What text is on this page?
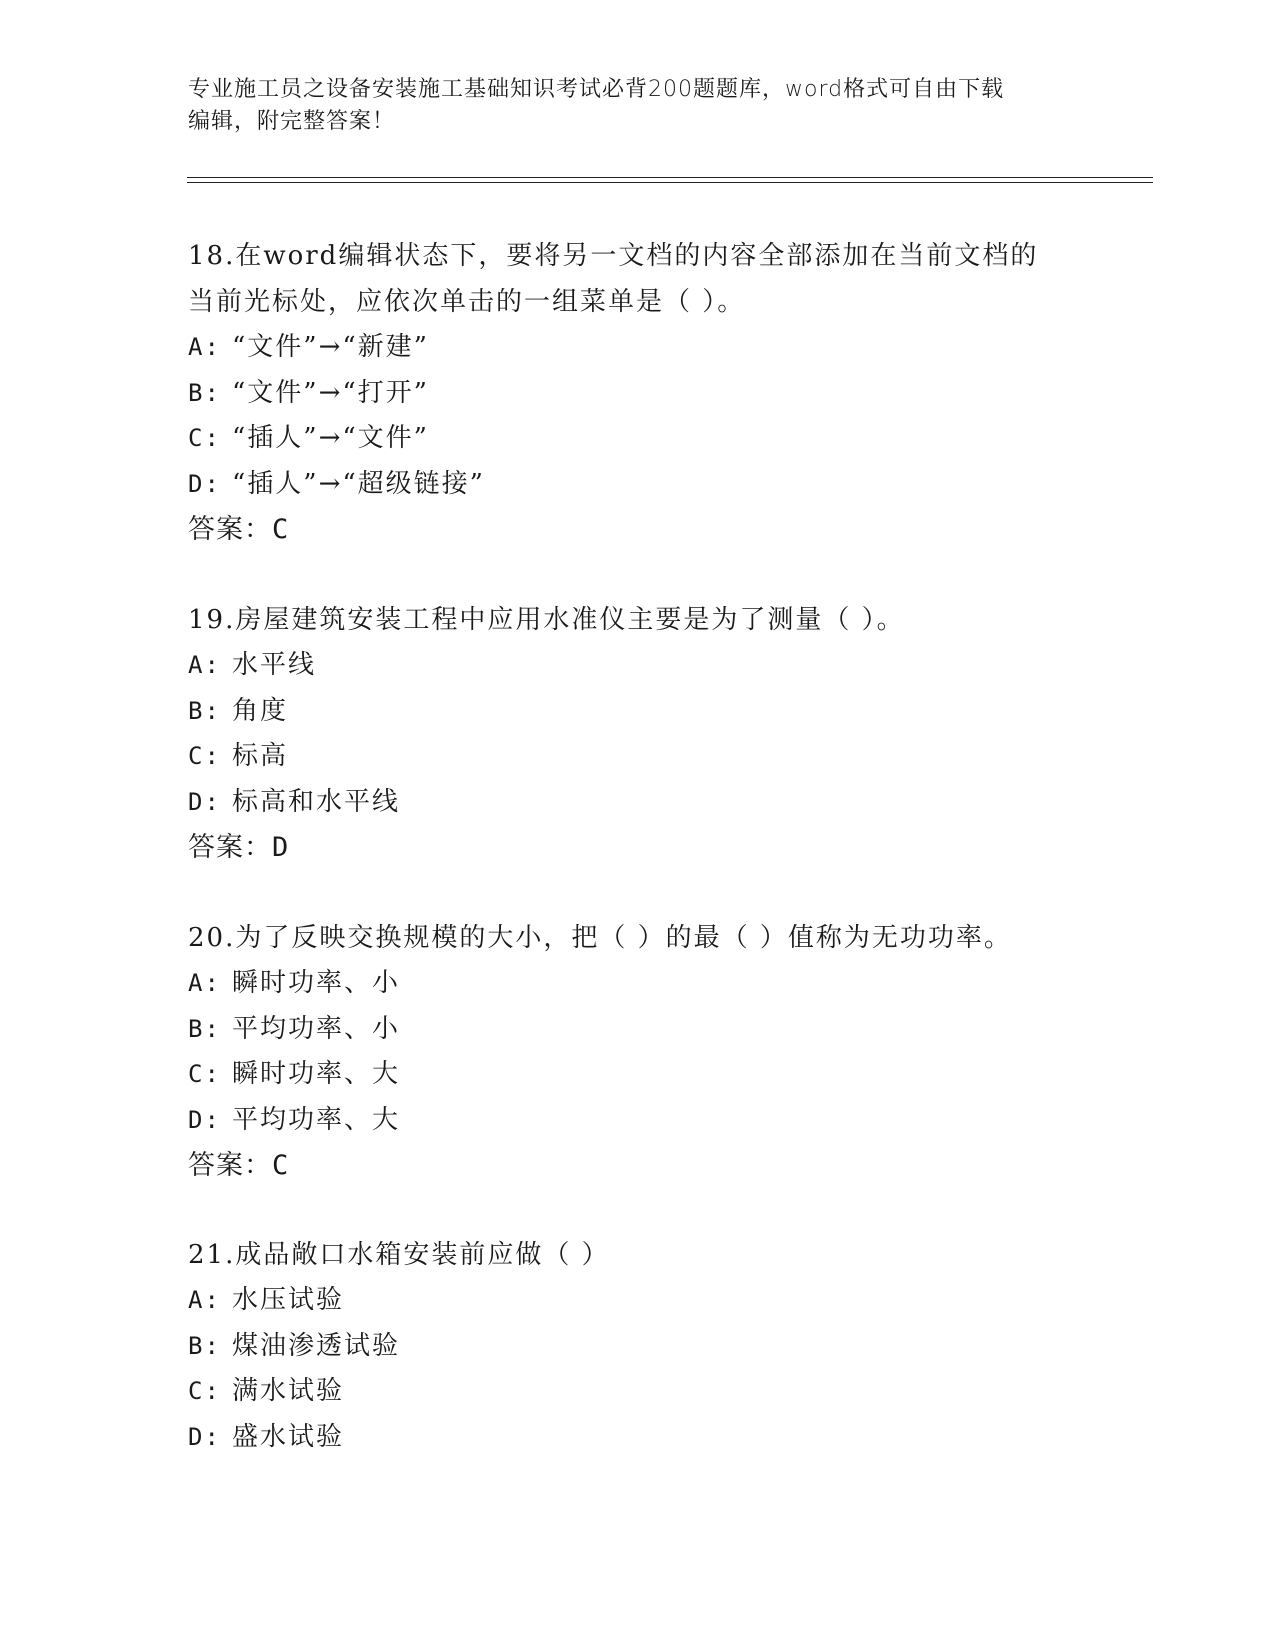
专业施工员之设备安装施工基础知识考试必背200题题库，word格式可自由下载
编辑，附完整答案！

18.在word编辑状态下，要将另一文档的内容全部添加在当前文档的
当前光标处，应依次单击的一组菜单是（ ）。

A: “文件”→“新建”
B: “文件”→“打开”
C: “插人”→“文件”
D: “插人”→“超级链接”
答案：C

19.房屋建筑安装工程中应用水准仪主要是为了测量（ ）。

A: 水平线
B: 角度
C: 标高
D: 标高和水平线
答案：D

20.为了反映交换规模的大小，把（ ）的最（ ）值称为无功功率。

A: 瞬时功率、小
B: 平均功率、小
C: 瞬时功率、大
D: 平均功率、大
答案：C

21.成品敞口水箱安装前应做（ ）

A: 水压试验
B: 煤油渗透试验
C: 满水试验
D: 盛水试验
